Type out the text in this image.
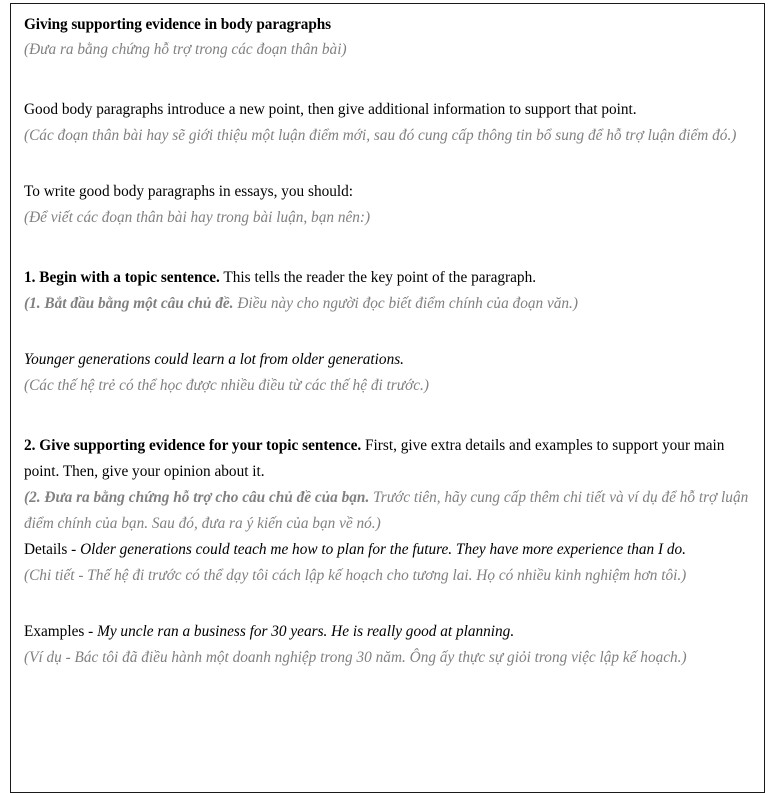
Giving supporting evidence in body paragraphs

(Đưa ra bằng chứng hỗ trợ trong các đoạn thân bài)

Good body paragraphs introduce a new point, then give additional information to support that point.

(Các đoạn thân bài hay sẽ giới thiệu một luận điểm mới, sau đó cung cấp thông tin bổ sung để hỗ trợ luận điểm đó.)

To write good body paragraphs in essays, you should:

(Để viết các đoạn thân bài hay trong bài luận, bạn nên:)

1. Begin with a topic sentence. This tells the reader the key point of the paragraph.

(1. Bắt đầu bằng một câu chủ đề. Điều này cho người đọc biết điểm chính của đoạn văn.)

Younger generations could learn a lot from older generations.

(Các thế hệ trẻ có thể học được nhiều điều từ các thế hệ đi trước.)

2. Give supporting evidence for your topic sentence. First, give extra details and examples to support your main point. Then, give your opinion about it.

(2. Đưa ra bằng chứng hỗ trợ cho câu chủ đề của bạn. Trước tiên, hãy cung cấp thêm chi tiết và ví dụ để hỗ trợ luận điểm chính của bạn. Sau đó, đưa ra ý kiến của bạn về nó.)

Details - Older generations could teach me how to plan for the future. They have more experience than I do.

(Chi tiết - Thế hệ đi trước có thể dạy tôi cách lập kế hoạch cho tương lai. Họ có nhiều kinh nghiệm hơn tôi.)

Examples - My uncle ran a business for 30 years. He is really good at planning.

(Ví dụ - Bác tôi đã điều hành một doanh nghiệp trong 30 năm. Ông ấy thực sự giỏi trong việc lập kế hoạch.)
